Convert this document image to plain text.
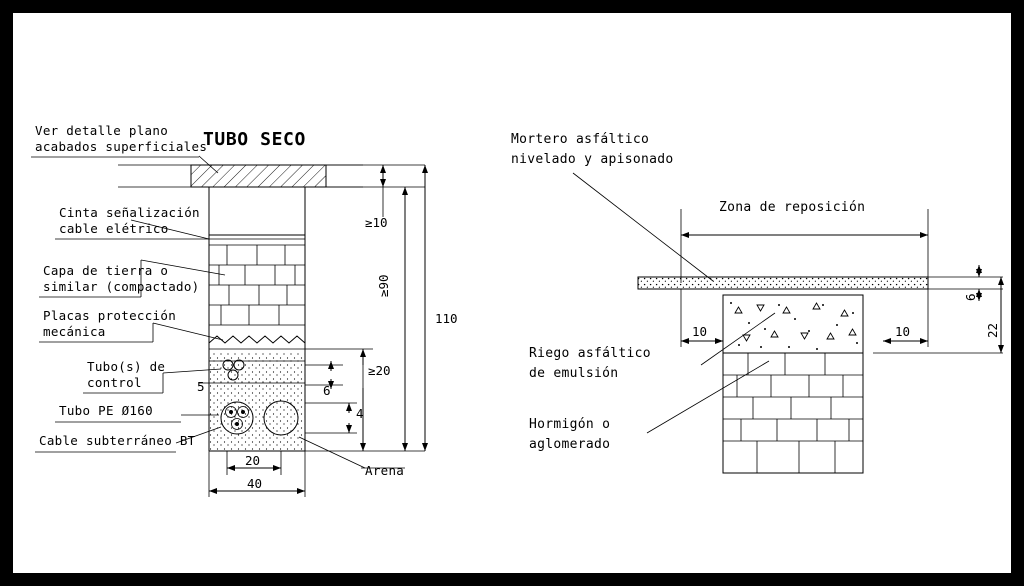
Ver detalle plano
acabados superficiales
Cinta señalización
cable elétrico
Capa de tierra o
similar (compactado)
Placas protección
mecánica
Tubo(s) de
control
Tubo PE Ø160
Cable subterráneo BT
Arena
TUBO SECO
≥10
≥90
110
≥20
5	6
4
20
40
Zona de reposición
10	10
6
22
Mortero asfáltico
nivelado y apisonado
Riego asfáltico
de emulsión
Hormigón o
aglomerado
